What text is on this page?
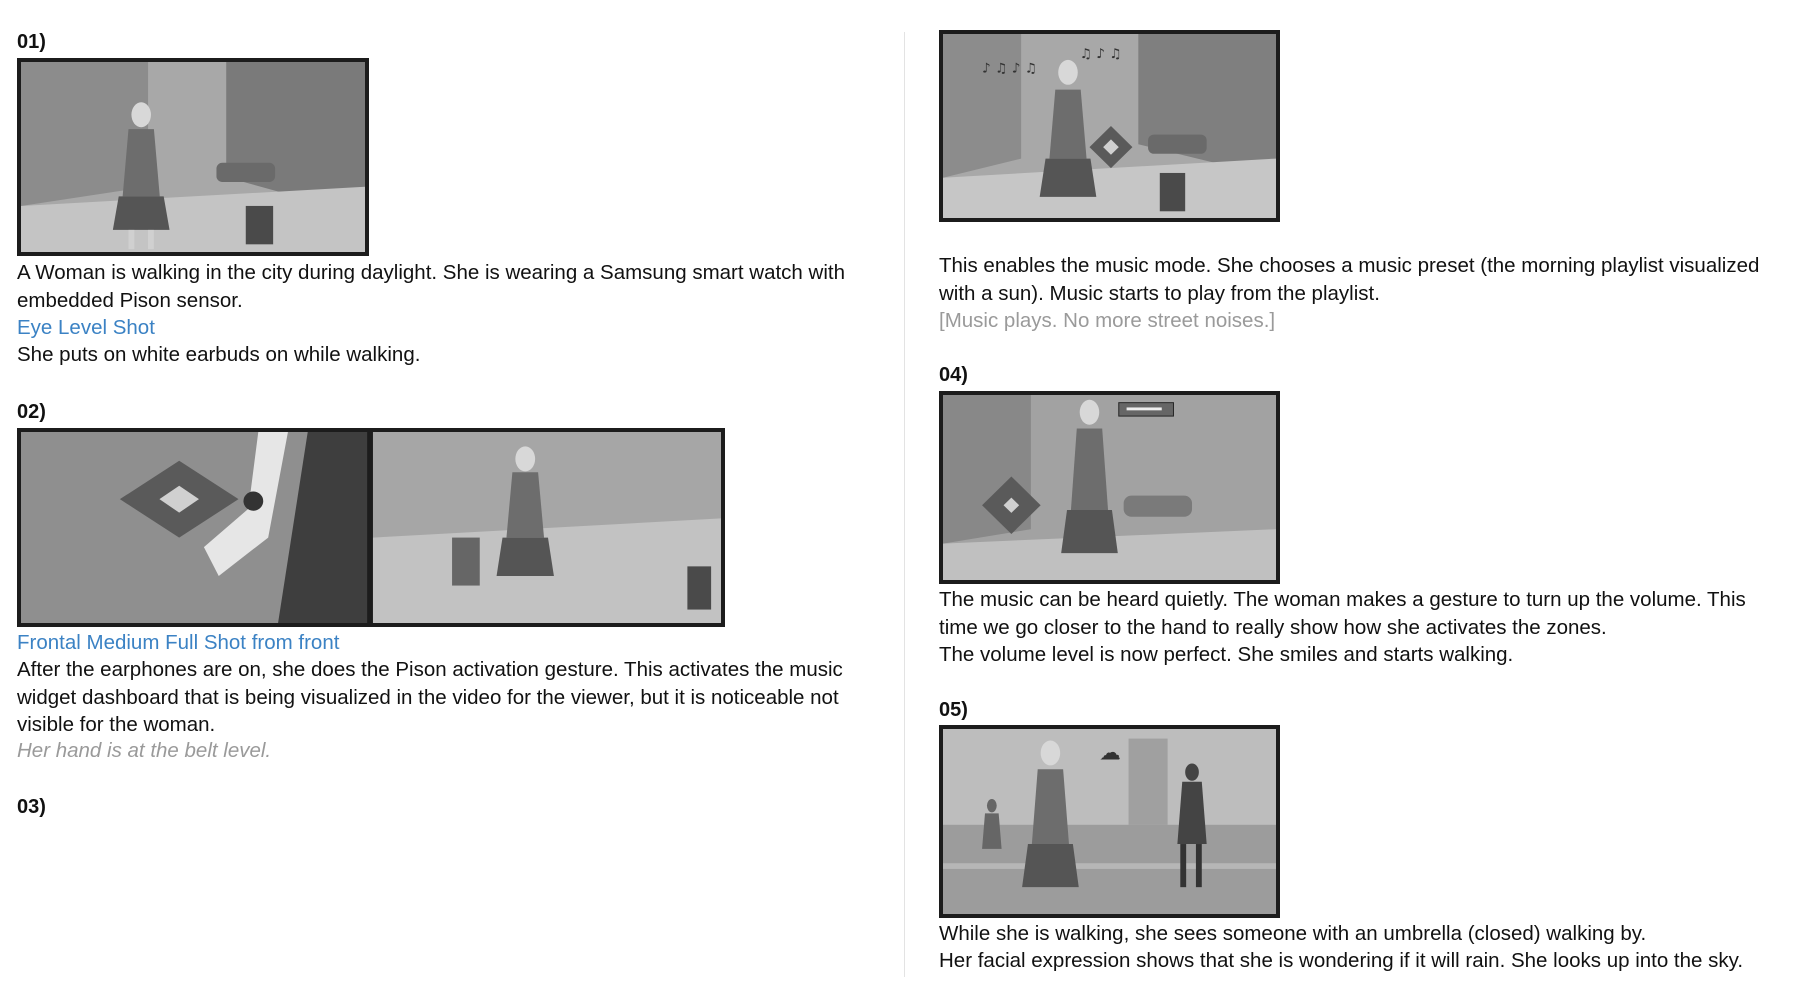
01)
A Woman is walking in the city during daylight. She is wearing a Samsung smart watch with embedded Pison sensor.
Eye Level Shot
She puts on white earbuds on while walking.
02)
Frontal Medium Full Shot from front
After the earphones are on, she does the Pison activation gesture. This activates the music widget dashboard that is being visualized in the video for the viewer, but it is noticeable not visible for the woman.
Her hand is at the belt level.
03)
♪ ♫ ♪ ♫
♫ ♪ ♫
This enables the music mode. She chooses a music preset (the morning playlist visualized with a sun). Music starts to play from the playlist.
[Music plays. No more street noises.]
04)
The music can be heard quietly. The woman makes a gesture to turn up the volume. This time we go closer to the hand to really show how she activates the zones.
The volume level is now perfect. She smiles and starts walking.
05)
☁
While she is walking, she sees someone with an umbrella (closed) walking by.
Her facial expression shows that she is wondering if it will rain. She looks up into the sky.
